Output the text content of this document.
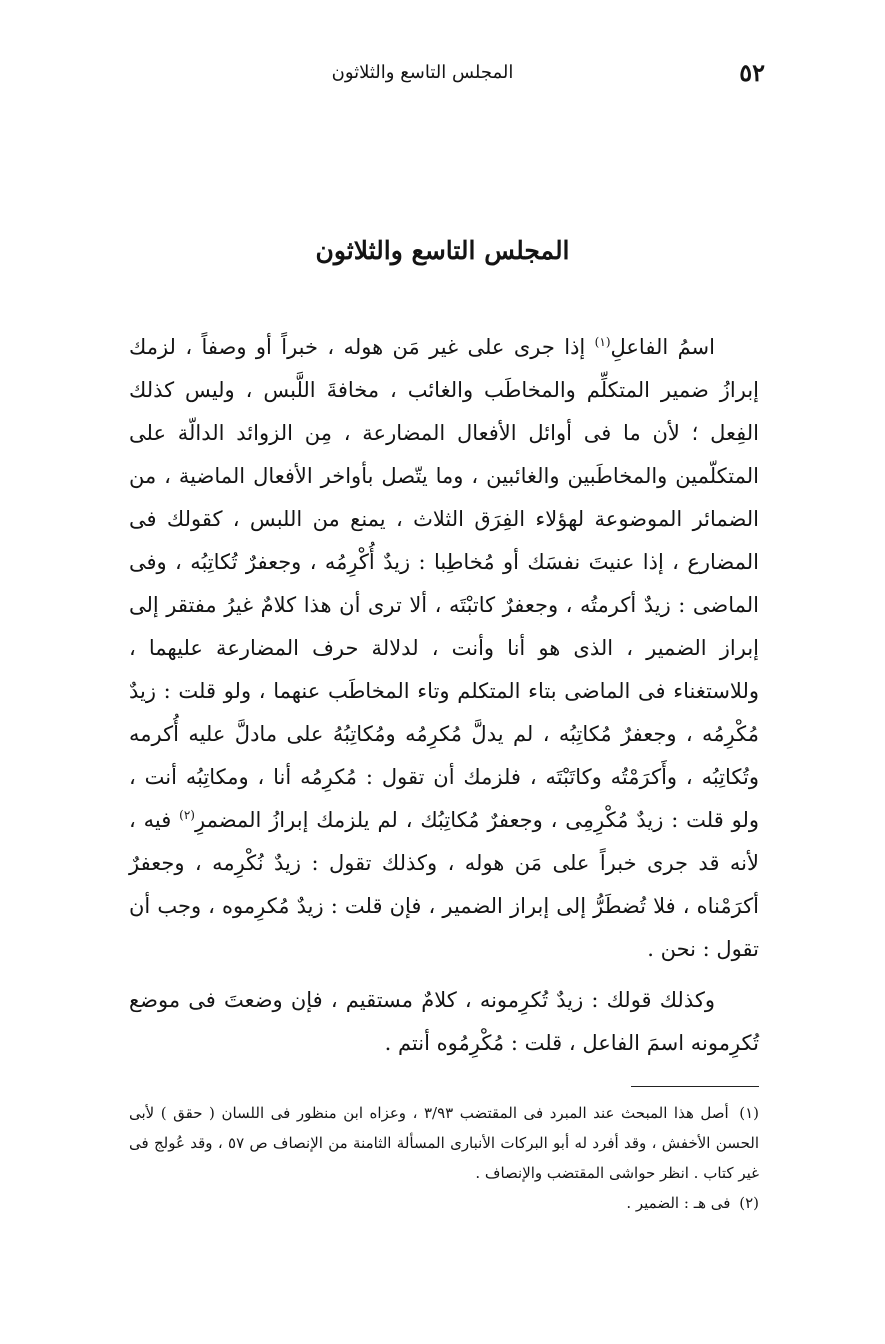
٥٢
المجلس التاسع والثلاثون
المجلس التاسع والثلاثون

اسمُ الفاعلِ$^{(١)}$ إذا جرى على غير مَن هوله ، خبراً أو وصفاً ، لزمك إبرازُ ضمير المتكلِّم والمخاطَب والغائب ، مخافةَ اللَّبس ، وليس كذلك الفِعل ؛ لأن ما فى أوائل الأفعال المضارعة ، مِن الزوائد الدالّة على المتكلّمين والمخاطَبين والغائبين ، وما يتّصل بأواخر الأفعال الماضية ، من الضمائر الموضوعة لهؤلاء الفِرَق الثلاث ، يمنع من اللبس ، كقولك فى المضارع ، إذا عنيتَ نفسَك أو مُخاطِبا : زيدٌ أُكْرِمُه ، وجعفرٌ تُكاتِبُه ، وفى الماضى : زيدٌ أكرمتُه ، وجعفرٌ كاتبْتَه ، ألا ترى أن هذا كلامٌ غيرُ مفتقر إلى إبراز الضمير ، الذى هو أنا وأنت ، لدلالة حرف المضارعة عليهما ، وللاستغناء فى الماضى بتاء المتكلم وتاء المخاطَب عنهما ، ولو قلت : زيدٌ مُكْرِمُه ، وجعفرٌ مُكاتِبُه ، لم يدلَّ مُكرِمُه ومُكاتِبُهُ على مادلَّ عليه أُكرمه وتُكاتِبُه ، وأَكرَمْتُه وكاتَبْتَه ، فلزمك أن تقول : مُكرِمُه أنا ، ومكاتِبُه أنت ، ولو قلت : زيدٌ مُكْرِمِى ، وجعفرٌ مُكاتِبُك ، لم يلزمك إبرازُ المضمرِ$^{(٢)}$ فيه ، لأنه قد جرى خبراً على مَن هوله ، وكذلك تقول : زيدٌ نُكْرِمه ، وجعفرٌ أكرَمْناه ، فلا تُضطَرُّ إلى إبراز الضمير ، فإن قلت : زيدٌ مُكرِموه ، وجب أن تقول : نحن .

وكذلك قولك : زيدٌ تُكرِمونه ، كلامٌ مستقيم ، فإن وضعتَ فى موضع تُكرِمونه اسمَ الفاعل ، قلت : مُكْرِمُوه أنتم .

(١) أصل هذا المبحث عند المبرد فى المقتضب ٣/٩٣ ، وعزاه ابن منظور فى اللسان ( حقق ) لأبى الحسن الأخفش ، وقد أفرد له أبو البركات الأنبارى المسألة الثامنة من الإنصاف ص ٥٧ ، وقد عُولج فى غير كتاب . انظر حواشى المقتضب والإنصاف .

(٢) فى هـ : الضمير .
